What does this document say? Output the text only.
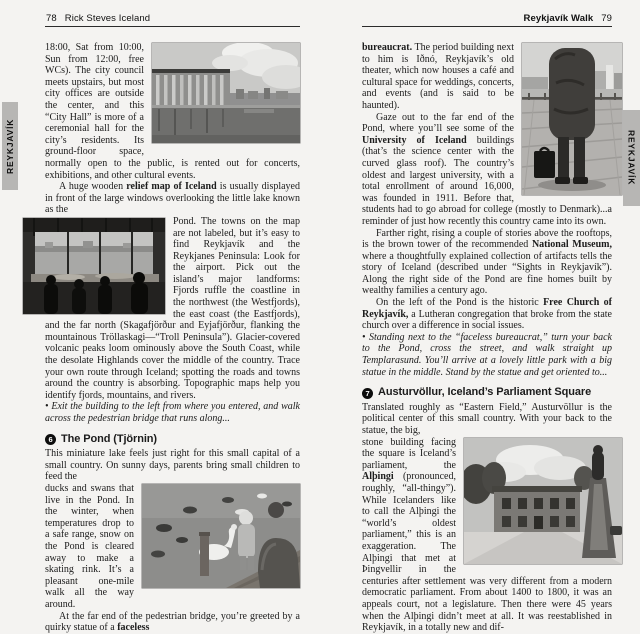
78 Rick Steves Iceland	Reykjavík Walk 79
REYKJAVÍK	REYKJAVÍK

18:00, Sat from 10:00, Sun from 12:00, free WCs). The city council meets upstairs, but most city offices are outside the center, and this “City Hall” is more of a ceremonial hall for the city’s residents. Its ground-floor space, normally open to the public, is rented out for concerts, exhibitions, and other cultural events.

A huge wooden relief map of Iceland is usually displayed in front of the large windows overlooking the little lake known as the

Pond. The towns on the map are not labeled, but it’s easy to find Reykjavík and the Reykjanes Peninsula: Look for the airport. Pick out the island’s major landforms: Fjords ruffle the coastline in the northwest (the Westfjords), the east coast (the Eastfjords), and the far north (Skagafjörður and Eyjafjörður, flanking the mountainous Tröllaskagi—“Troll Peninsula”). Glacier-covered volcanic peaks loom ominously above the South Coast, while the desolate Highlands cover the middle of the country. Trace your own route through Iceland; spotting the roads and towns around the country is absorbing. Topographic maps help you identify fjords, mountains, and rivers.

• Exit the building to the left from where you entered, and walk across the pedestrian bridge that runs along...

6 The Pond (Tjörnin)

This miniature lake feels just right for this small capital of a small country. On sunny days, parents bring small children to feed the

ducks and swans that live in the Pond. In the winter, when temperatures drop to a safe range, snow on the Pond is cleared away to make a skating rink. It’s a pleasant one-mile walk all the way around.

At the far end of the pedestrian bridge, you’re greeted by a quirky statue of a faceless

bureaucrat. The period building next to him is Iðnó, Reykjavík’s old theater, which now houses a café and cultural space for weddings, concerts, and events (and is said to be haunted).

Gaze out to the far end of the Pond, where you’ll see some of the University of Iceland buildings (that’s the science center with the curved glass roof). The country’s oldest and largest university, with a total enrollment of around 16,000, was founded in 1911. Before that, students had to go abroad for college (mostly to Denmark)...a reminder of just how recently this country came into its own.

Farther right, rising a couple of stories above the rooftops, is the brown tower of the recommended National Museum, where a thoughtfully explained collection of artifacts tells the story of Iceland (described under “Sights in Reykjavík”). Along the right side of the Pond are fine homes built by wealthy families a century ago.

On the left of the Pond is the historic Free Church of Reykjavík, a Lutheran congregation that broke from the state church over a difference in social issues.

• Standing next to the “faceless bureaucrat,” turn your back to the Pond, cross the street, and walk straight up Templarasund. You’ll arrive at a lovely little park with a big statue in the middle. Stand by the statue and get oriented to...

7 Austurvöllur, Iceland’s Parliament Square

Translated roughly as “Eastern Field,” Austurvöllur is the political center of this small country. With your back to the statue, the big,

stone building facing the square is Iceland’s parliament, the Alþingi (pronounced, roughly, “all-thingy”). While Icelanders like to call the Alþingi the “world’s oldest parliament,” this is an exaggeration. The Alþingi that met at Þingvellir in the centuries after settlement was very different from a modern democratic parliament. From about 1400 to 1800, it was an appeals court, not a legislature. Then there were 45 years when the Alþingi didn’t meet at all. It was reestablished in Reykjavík, in a totally new and dif-
